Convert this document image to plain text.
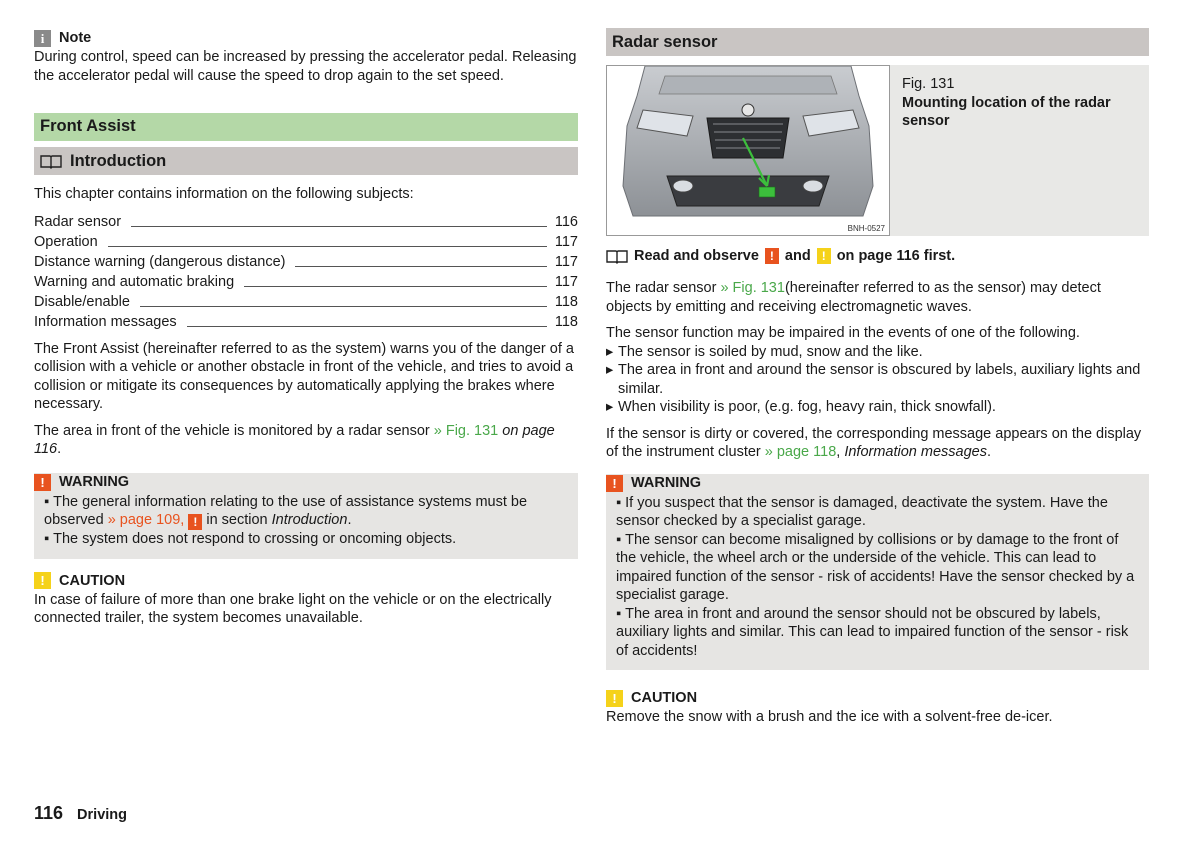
i	Note

During control, speed can be increased by pressing the accelerator pedal. Releasing the accelerator pedal will cause the speed to drop again to the set speed.

Front Assist
Introduction

This chapter contains information on the following subjects:

Radar sensor	116
Operation	117
Distance warning (dangerous distance)	117
Warning and automatic braking	117
Disable/enable	118
Information messages	118

The Front Assist (hereinafter referred to as the system) warns you of the danger of a collision with a vehicle or another obstacle in front of the vehicle, and tries to avoid a collision or mitigate its consequences by automatically applying the brakes where necessary.

The area in front of the vehicle is monitored by a radar sensor » Fig. 131 on page 116.

! WARNING

▪ The general information relating to the use of assistance systems must be observed » page 109, ! in section Introduction.

▪ The system does not respond to crossing or oncoming objects.

! CAUTION

In case of failure of more than one brake light on the vehicle or on the electrically connected trailer, the system becomes unavailable.

Radar sensor
BNH-0527

Fig. 131

Mounting location of the radar sensor

Read and observe ! and ! on page 116 first.

The radar sensor » Fig. 131(hereinafter referred to as the sensor) may detect objects by emitting and receiving electromagnetic waves.

The sensor function may be impaired in the events of one of the following.

▸ The sensor is soiled by mud, snow and the like.

▸ The area in front and around the sensor is obscured by labels, auxiliary lights and similar.

▸ When visibility is poor, (e.g. fog, heavy rain, thick snowfall).

If the sensor is dirty or covered, the corresponding message appears on the display of the instrument cluster » page 118, Information messages.

! WARNING

▪ If you suspect that the sensor is damaged, deactivate the system. Have the sensor checked by a specialist garage.

▪ The sensor can become misaligned by collisions or by damage to the front of the vehicle, the wheel arch or the underside of the vehicle. This can lead to impaired function of the sensor - risk of accidents! Have the sensor checked by a specialist garage.

▪ The area in front and around the sensor should not be obscured by labels, auxiliary lights and similar. This can lead to impaired function of the sensor - risk of accidents!

! CAUTION

Remove the snow with a brush and the ice with a solvent-free de-icer.

116 Driving
